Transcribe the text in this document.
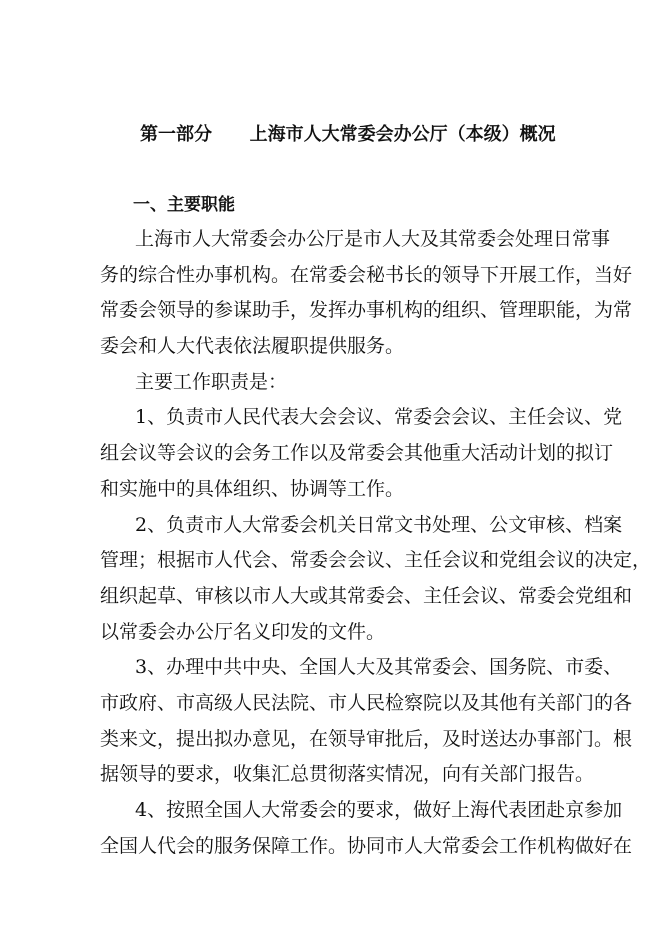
第一部分      上海市人大常委会办公厅（本级）概况
一、主要职能
上海市人大常委会办公厅是市人大及其常委会处理日常事
务的综合性办事机构。在常委会秘书长的领导下开展工作，当好
常委会领导的参谋助手，发挥办事机构的组织、管理职能，为常
委会和人大代表依法履职提供服务。
主要工作职责是：
1、负责市人民代表大会会议、常委会会议、主任会议、党
组会议等会议的会务工作以及常委会其他重大活动计划的拟订
和实施中的具体组织、协调等工作。
2、负责市人大常委会机关日常文书处理、公文审核、档案
管理；根据市人代会、常委会会议、主任会议和党组会议的决定，
组织起草、审核以市人大或其常委会、主任会议、常委会党组和
以常委会办公厅名义印发的文件。
3、办理中共中央、全国人大及其常委会、国务院、市委、
市政府、市高级人民法院、市人民检察院以及其他有关部门的各
类来文，提出拟办意见，在领导审批后，及时送达办事部门。根
据领导的要求，收集汇总贯彻落实情况，向有关部门报告。
4、按照全国人大常委会的要求，做好上海代表团赴京参加
全国人代会的服务保障工作。协同市人大常委会工作机构做好在
